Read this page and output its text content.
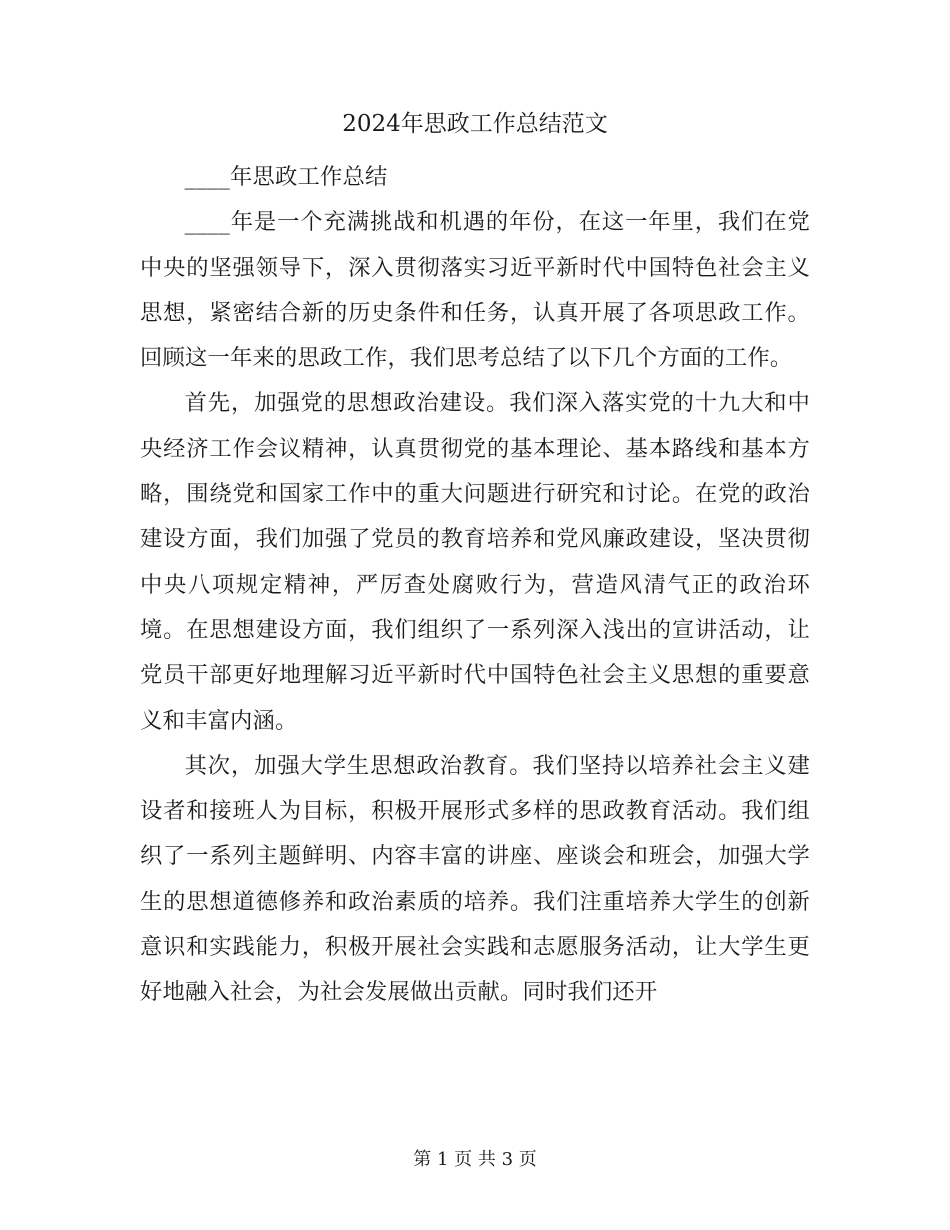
2024年思政工作总结范文

____年思政工作总结

____年是一个充满挑战和机遇的年份，在这一年里，我们在党中央的坚强领导下，深入贯彻落实习近平新时代中国特色社会主义思想，紧密结合新的历史条件和任务，认真开展了各项思政工作。回顾这一年来的思政工作，我们思考总结了以下几个方面的工作。

首先，加强党的思想政治建设。我们深入落实党的十九大和中央经济工作会议精神，认真贯彻党的基本理论、基本路线和基本方略，围绕党和国家工作中的重大问题进行研究和讨论。在党的政治建设方面，我们加强了党员的教育培养和党风廉政建设，坚决贯彻中央八项规定精神，严厉查处腐败行为，营造风清气正的政治环境。在思想建设方面，我们组织了一系列深入浅出的宣讲活动，让党员干部更好地理解习近平新时代中国特色社会主义思想的重要意义和丰富内涵。

其次，加强大学生思想政治教育。我们坚持以培养社会主义建设者和接班人为目标，积极开展形式多样的思政教育活动。我们组织了一系列主题鲜明、内容丰富的讲座、座谈会和班会，加强大学生的思想道德修养和政治素质的培养。我们注重培养大学生的创新意识和实践能力，积极开展社会实践和志愿服务活动，让大学生更好地融入社会，为社会发展做出贡献。同时我们还开

第 1 页 共 3 页
